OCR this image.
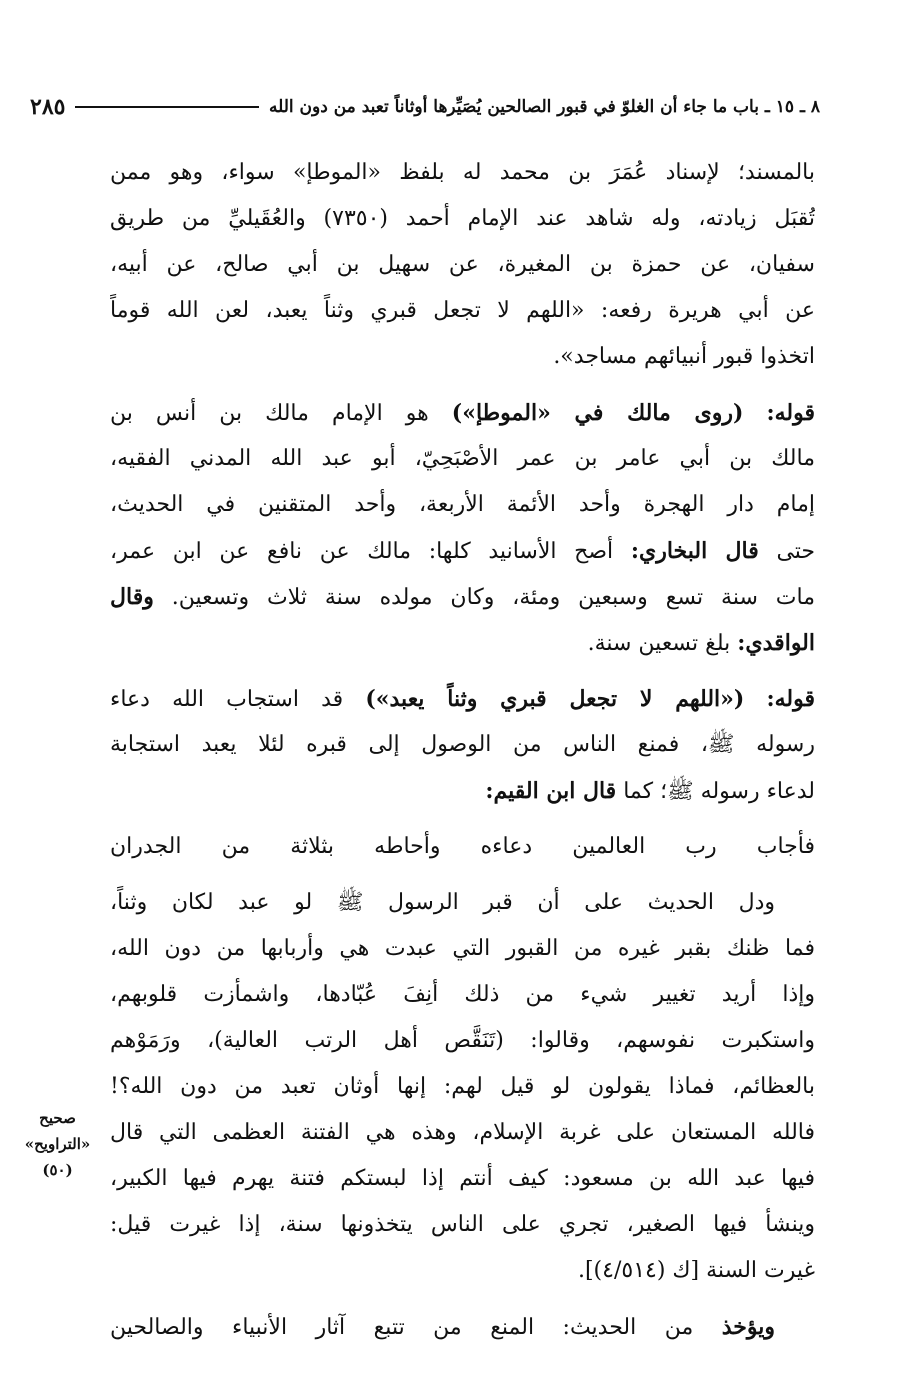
٨ ـ ١٥ ـ باب ما جاء أن الغلوّ في قبور الصالحين يُصَيِّرها أوثاناً تعبد من دون الله
٢٨٥
بالمسند؛ لإسناد عُمَرَ بن محمد له بلفظ «الموطإ» سواء، وهو ممن
تُقبَل زيادته، وله شاهد عند الإمام أحمد (٧٣٥٠) والعُقَيليِّ من طريق
سفيان، عن حمزة بن المغيرة، عن سهيل بن أبي صالح، عن أبيه،
عن أبي هريرة رفعه: «اللهم لا تجعل قبري وثناً يعبد، لعن الله قوماً
اتخذوا قبور أنبيائهم مساجد».
قوله: (روى مالك في «الموطإ») هو الإمام مالك بن أنس بن
مالك بن أبي عامر بن عمر الأصْبَحِيّ، أبو عبد الله المدني الفقيه،
إمام دار الهجرة وأحد الأئمة الأربعة، وأحد المتقنين في الحديث،
حتى قال البخاري: أصح الأسانيد كلها: مالك عن نافع عن ابن عمر،
مات سنة تسع وسبعين ومئة، وكان مولده سنة ثلاث وتسعين. وقال
الواقدي: بلغ تسعين سنة.
قوله: («اللهم لا تجعل قبري وثناً يعبد») قد استجاب الله دعاء
رسوله ﷺ، فمنع الناس من الوصول إلى قبره لئلا يعبد استجابة
لدعاء رسوله ﷺ؛ كما قال ابن القيم:
فأجاب رب العالمين دعاءه وأحاطه بثلاثة من الجدران
ودل الحديث على أن قبر الرسول ﷺ لو عبد لكان وثناً،
فما ظنك بقبر غيره من القبور التي عبدت هي وأربابها من دون الله،
وإذا أريد تغيير شيء من ذلك أنِفَ عُبّادها، واشمأزت قلوبهم،
واستكبرت نفوسهم، وقالوا: (تَنَقَّص أهل الرتب العالية)، ورَمَوْهم
بالعظائم، فماذا يقولون لو قيل لهم: إنها أوثان تعبد من دون الله؟!
فالله المستعان على غربة الإسلام، وهذه هي الفتنة العظمى التي قال
فيها عبد الله بن مسعود: كيف أنتم إذا لبستكم فتنة يهرم فيها الكبير،
وينشأ فيها الصغير، تجري على الناس يتخذونها سنة، إذا غيرت قيل:
غيرت السنة [ك (٤/٥١٤)].
ويؤخذ من الحديث: المنع من تتبع آثار الأنبياء والصالحين
صحيح
«التراويح»
(٥٠)
